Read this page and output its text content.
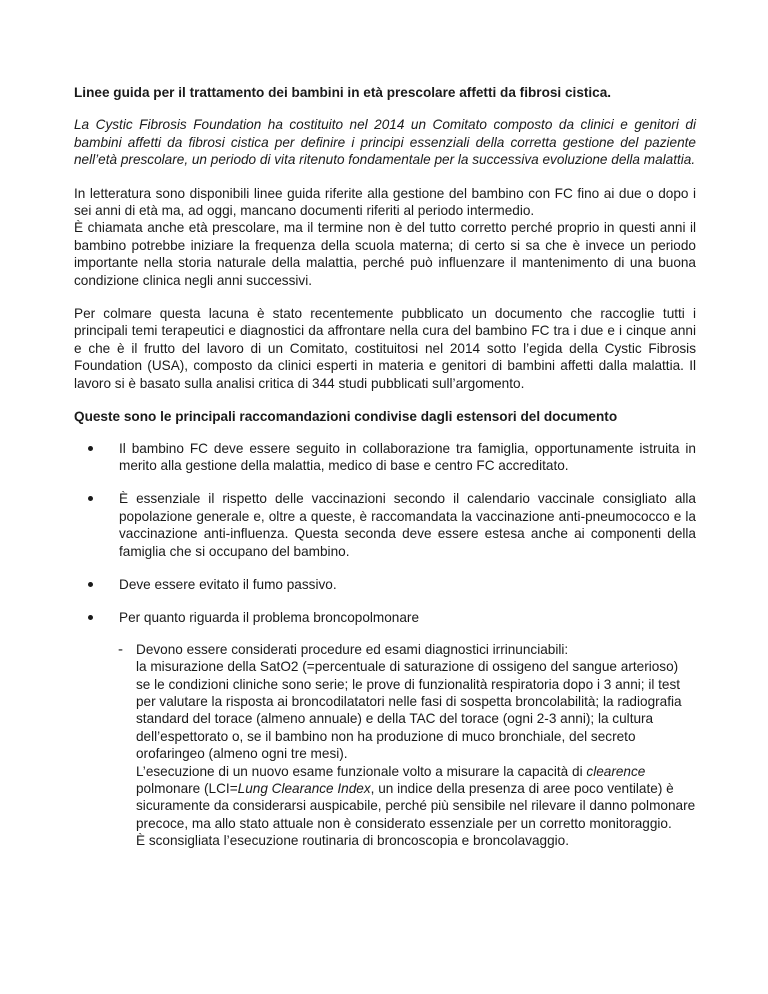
Linee guida per il trattamento dei bambini in età prescolare affetti da fibrosi cistica.

La Cystic Fibrosis Foundation ha costituito nel 2014 un Comitato composto da clinici e genitori di bambini affetti da fibrosi cistica per definire i principi essenziali della corretta gestione del paziente nell’età prescolare, un periodo di vita ritenuto fondamentale per la successiva evoluzione della malattia.

In letteratura sono disponibili linee guida riferite alla gestione del bambino con FC fino ai due o dopo i sei anni di età ma, ad oggi, mancano documenti riferiti al periodo intermedio.
È chiamata anche età prescolare, ma il termine non è del tutto corretto perché proprio in questi anni il bambino potrebbe iniziare la frequenza della scuola materna; di certo si sa che è invece un periodo importante nella storia naturale della malattia, perché può influenzare il mantenimento di una buona condizione clinica negli anni successivi.

Per colmare questa lacuna è stato recentemente pubblicato un documento che raccoglie tutti i principali temi terapeutici e diagnostici da affrontare nella cura del bambino FC tra i due e i cinque anni e che è il frutto del lavoro di un Comitato, costituitosi nel 2014 sotto l’egida della Cystic Fibrosis Foundation (USA), composto da clinici esperti in materia e genitori di bambini affetti dalla malattia. Il lavoro si è basato sulla analisi critica di 344 studi pubblicati sull’argomento.

Queste sono le principali raccomandazioni condivise dagli estensori del documento
Il bambino FC deve essere seguito in collaborazione tra famiglia, opportunamente istruita in merito alla gestione della malattia, medico di base e centro FC accreditato.
È essenziale il rispetto delle vaccinazioni secondo il calendario vaccinale consigliato alla popolazione generale e, oltre a queste, è raccomandata la vaccinazione anti-pneumococco e la vaccinazione anti-influenza. Questa seconda deve essere estesa anche ai componenti della famiglia che si occupano del bambino.
Deve essere evitato il fumo passivo.
Per quanto riguarda il problema broncopolmonare
- Devono essere considerati procedure ed esami diagnostici irrinunciabili:
la misurazione della SatO2 (=percentuale di saturazione di ossigeno del sangue arterioso) se le condizioni cliniche sono serie; le prove di funzionalità respiratoria dopo i 3 anni; il test per valutare la risposta ai broncodilatatori nelle fasi di sospetta broncolabilità; la radiografia standard del torace (almeno annuale) e della TAC del torace (ogni 2-3 anni); la cultura dell’espettorato o, se il bambino non ha produzione di muco bronchiale, del secreto orofaringeo (almeno ogni tre mesi).
L’esecuzione di un nuovo esame funzionale volto a misurare la capacità di clearence polmonare (LCI=Lung Clearance Index, un indice della presenza di aree poco ventilate) è sicuramente da considerarsi auspicabile, perché più sensibile nel rilevare il danno polmonare precoce, ma allo stato attuale non è considerato essenziale per un corretto monitoraggio.
È sconsigliata l’esecuzione routinaria di broncoscopia e broncolavaggio.
